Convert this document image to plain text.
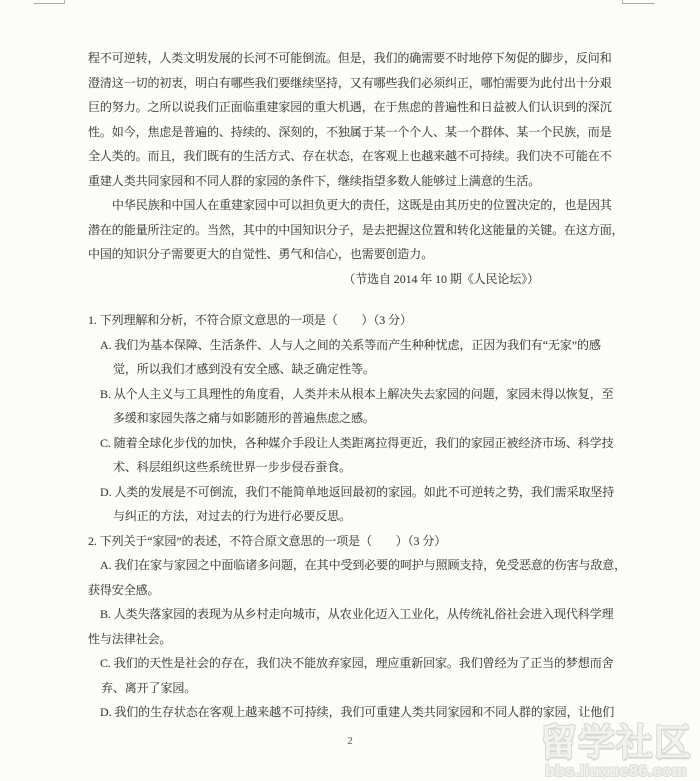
程不可逆转，人类文明发展的长河不可能倒流。但是，我们的确需要不时地停下匆促的脚步，反问和
澄清这一切的初衷，明白有哪些我们要继续坚持，又有哪些我们必须纠正，哪怕需要为此付出十分艰
巨的努力。之所以说我们正面临重建家园的重大机遇，在于焦虑的普遍性和日益被人们认识到的深沉
性。如今，焦虑是普遍的、持续的、深刻的，不独属于某一个个人、某一个群体、某一个民族，而是
全人类的。而且，我们既有的生活方式、存在状态，在客观上也越来越不可持续。我们决不可能在不
重建人类共同家园和不同人群的家园的条件下，继续指望多数人能够过上满意的生活。
中华民族和中国人在重建家园中可以担负更大的责任，这既是由其历史的位置决定的，也是因其
潜在的能量所注定的。当然，其中的中国知识分子，是去把握这位置和转化这能量的关键。在这方面，
中国的知识分子需要更大的自觉性、勇气和信心，也需要创造力。
（节选自 2014 年 10 期《人民论坛》）
1. 下列理解和分析，不符合原文意思的一项是（　　）（3 分）
A. 我们为基本保障、生活条件、人与人之间的关系等而产生种种忧虑，正因为我们有“无家”的感
觉，所以我们才感到没有安全感、缺乏确定性等。
B. 从个人主义与工具理性的角度看，人类并未从根本上解决失去家园的问题，家园未得以恢复，至
多缓和家园失落之痛与如影随形的普遍焦虑之感。
C. 随着全球化步伐的加快，各种媒介手段让人类距离拉得更近，我们的家园正被经济市场、科学技
术、科层组织这些系统世界一步步侵吞蚕食。
D. 人类的发展是不可倒流，我们不能简单地返回最初的家园。如此不可逆转之势，我们需采取坚持
与纠正的方法，对过去的行为进行必要反思。
2. 下列关于“家园”的表述，不符合原文意思的一项是（　　）（3 分）
A. 我们在家与家园之中面临诸多问题，在其中受到必要的呵护与照顾支持，免受恶意的伤害与敌意，
获得安全感。
B. 人类失落家园的表现为从乡村走向城市，从农业化迈入工业化，从传统礼俗社会进入现代科学理
性与法律社会。
C. 我们的天性是社会的存在，我们决不能放弃家园，理应重新回家。我们曾经为了正当的梦想而舍
弃、离开了家园。
D. 我们的生存状态在客观上越来越不可持续，我们可重建人类共同家园和不同人群的家园，让他们
2	留学社区
bbs.liuxue86.com
